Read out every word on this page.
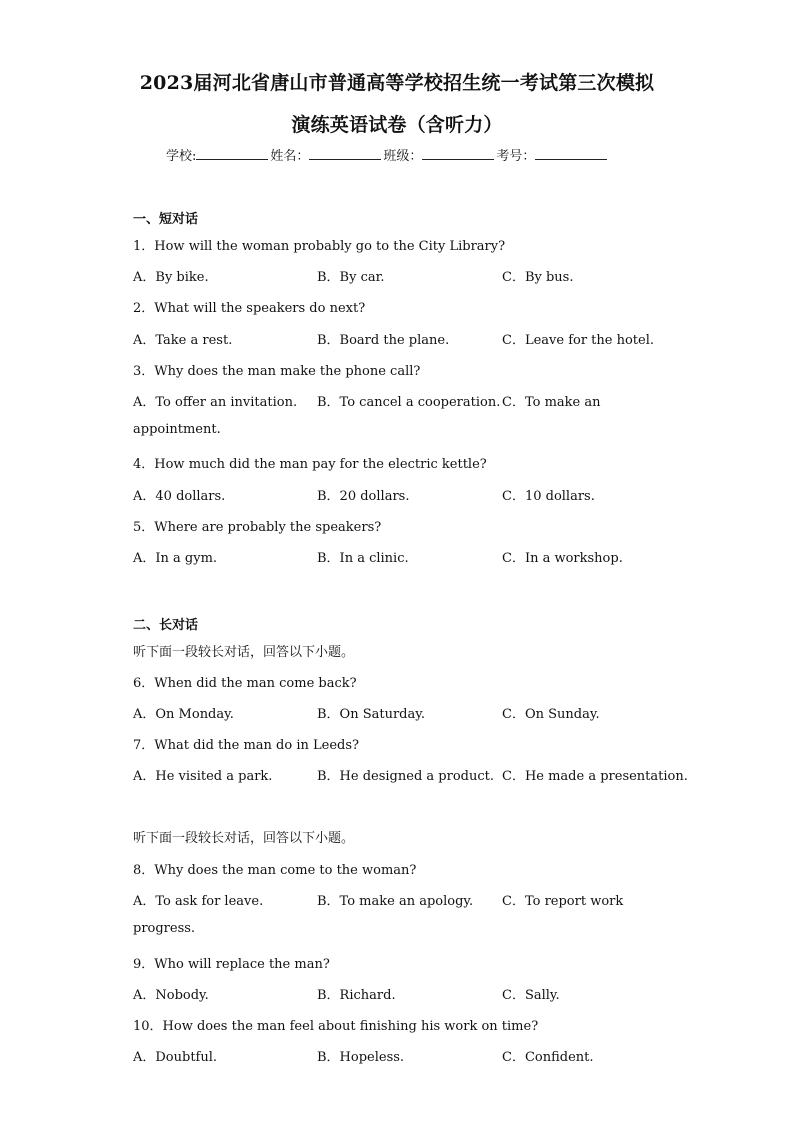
2023届河北省唐山市普通高等学校招生统一考试第三次模拟
演练英语试卷（含听力）
学校:	姓名：	班级：	考号：
一、短对话
1．How will the woman probably go to the City Library?
A．By bike.	B．By car.	C．By bus.
2．What will the speakers do next?
A．Take a rest.	B．Board the plane.	C．Leave for the hotel.
3．Why does the man make the phone call?
A．To offer an invitation. B．To cancel a cooperation. C．To make an
appointment.
4．How much did the man pay for the electric kettle?
A．40 dollars.	B．20 dollars.	C．10 dollars.
5．Where are probably the speakers?
A．In a gym.	B．In a clinic.	C．In a workshop.
二、长对话
听下面一段较长对话，回答以下小题。
6．When did the man come back?
A．On Monday.	B．On Saturday.	C．On Sunday.
7．What did the man do in Leeds?
A．He visited a park.	B．He designed a product. C．He made a presentation.
听下面一段较长对话，回答以下小题。
8．Why does the man come to the woman?
A．To ask for leave.	B．To make an apology. C．To report work
progress.
9．Who will replace the man?
A．Nobody.	B．Richard.	C．Sally.
10．How does the man feel about finishing his work on time?
A．Doubtful.	B．Hopeless.	C．Confident.
